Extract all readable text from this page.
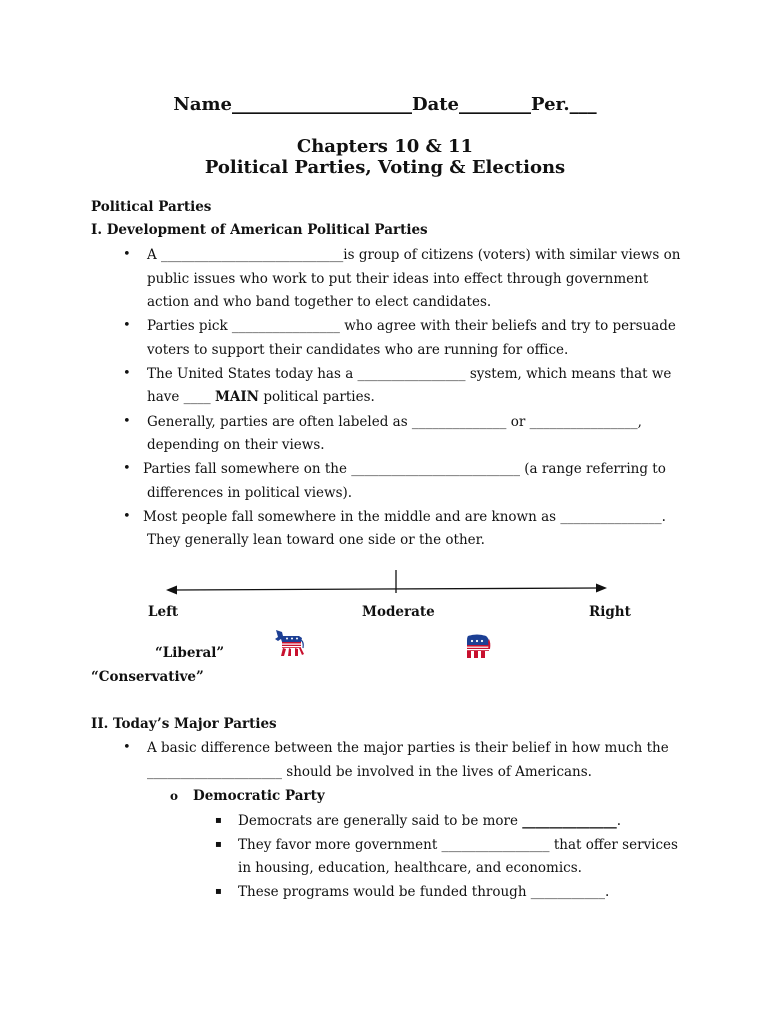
Name____________________Date________Per.___
Chapters 10 & 11
Political Parties, Voting & Elections
Political Parties
I. Development of American Political Parties
• A ___________________________is group of citizens (voters) with similar views on
public issues who work to put their ideas into effect through government
action and who band together to elect candidates.
• Parties pick ________________ who agree with their beliefs and try to persuade
voters to support their candidates who are running for office.
• The United States today has a ________________ system, which means that we
have ____ MAIN political parties.
• Generally, parties are often labeled as ______________ or ________________,
depending on their views.
• Parties fall somewhere on the _________________________ (a range referring to
differences in political views).
• Most people fall somewhere in the middle and are known as _______________.
They generally lean toward one side or the other.
Left	Moderate	Right
“Liberal”
“Conservative”
II. Today’s Major Parties
• A basic difference between the major parties is their belief in how much the
____________________ should be involved in the lives of Americans.
o Democratic Party
▪ Democrats are generally said to be more ______________.
▪ They favor more government ________________ that offer services
in housing, education, healthcare, and economics.
▪ These programs would be funded through ___________.
